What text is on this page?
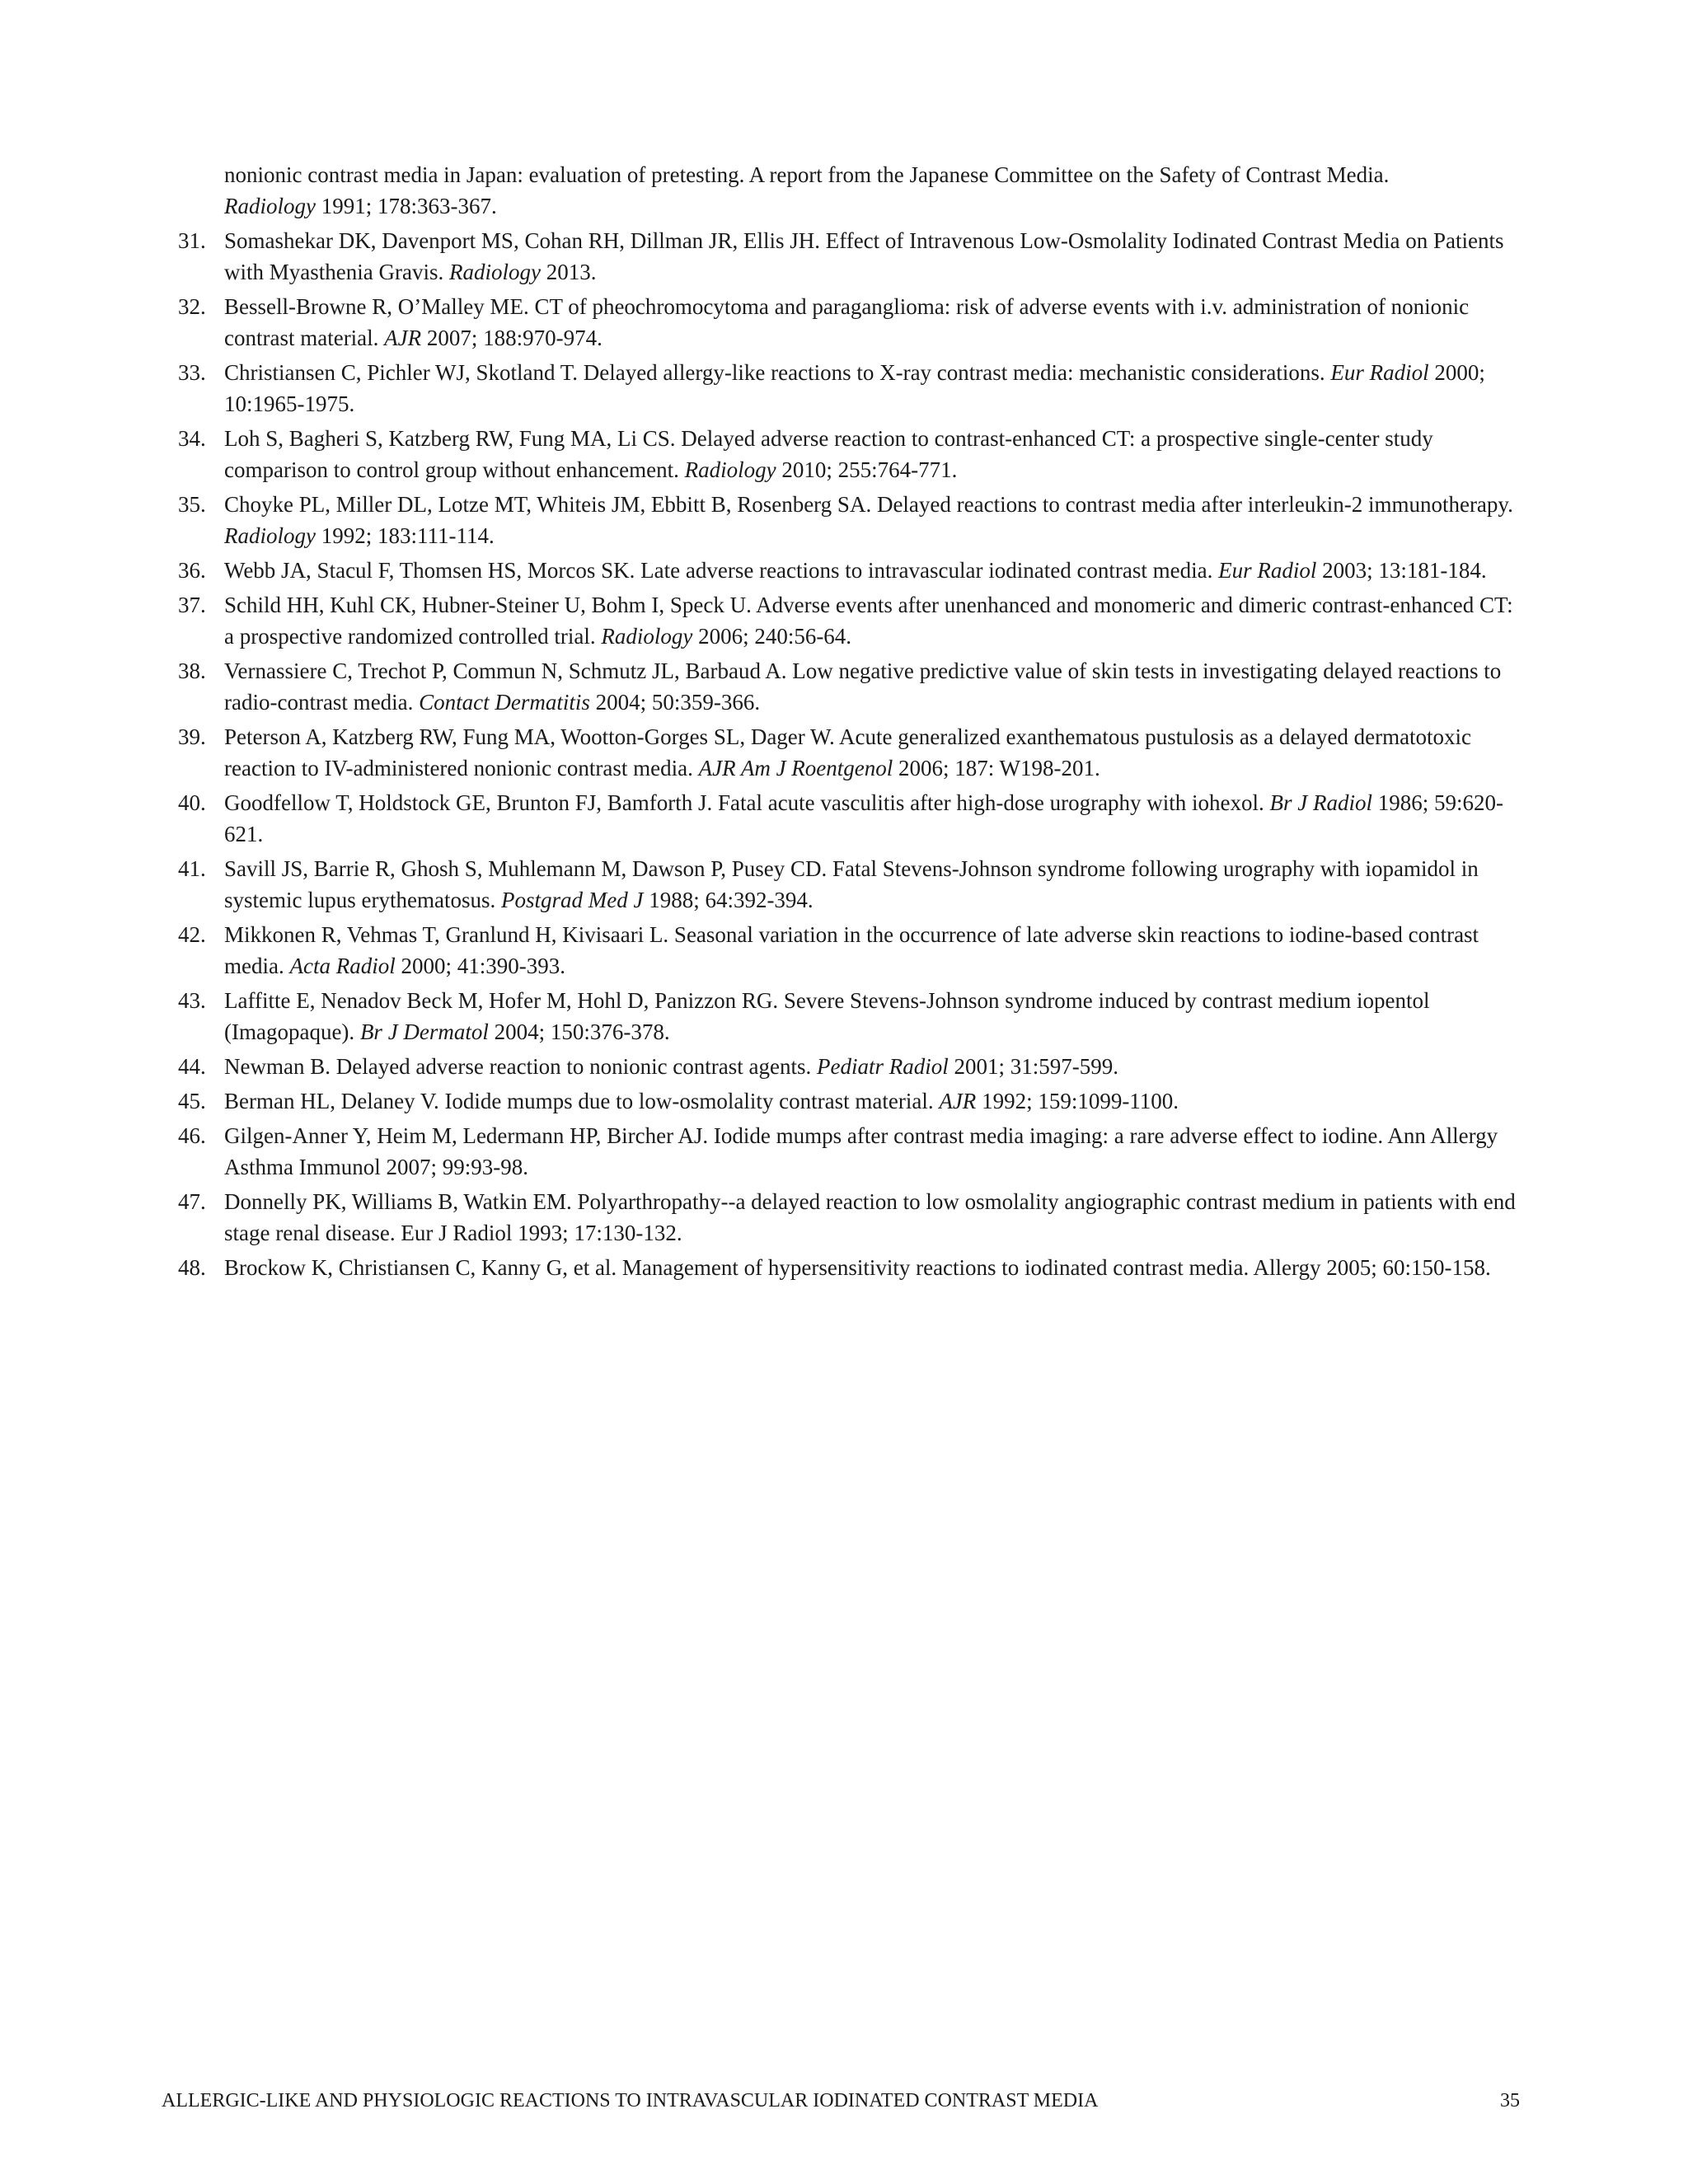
nonionic contrast media in Japan: evaluation of pretesting. A report from the Japanese Committee on the Safety of Contrast Media.
Radiology 1991; 178:363-367.
31. Somashekar DK, Davenport MS, Cohan RH, Dillman JR, Ellis JH. Effect of Intravenous Low-Osmolality Iodinated Contrast Media on Patients with Myasthenia Gravis. Radiology 2013.
32. Bessell-Browne R, O’Malley ME. CT of pheochromocytoma and paraganglioma: risk of adverse events with i.v. administration of nonionic contrast material. AJR 2007; 188:970-974.
33. Christiansen C, Pichler WJ, Skotland T. Delayed allergy-like reactions to X-ray contrast media: mechanistic considerations. Eur Radiol 2000; 10:1965-1975.
34. Loh S, Bagheri S, Katzberg RW, Fung MA, Li CS. Delayed adverse reaction to contrast-enhanced CT: a prospective single-center study comparison to control group without enhancement. Radiology 2010; 255:764-771.
35. Choyke PL, Miller DL, Lotze MT, Whiteis JM, Ebbitt B, Rosenberg SA. Delayed reactions to contrast media after interleukin-2 immunotherapy. Radiology 1992; 183:111-114.
36. Webb JA, Stacul F, Thomsen HS, Morcos SK. Late adverse reactions to intravascular iodinated contrast media. Eur Radiol 2003; 13:181-184.
37. Schild HH, Kuhl CK, Hubner-Steiner U, Bohm I, Speck U. Adverse events after unenhanced and monomeric and dimeric contrast-enhanced CT: a prospective randomized controlled trial. Radiology 2006; 240:56-64.
38. Vernassiere C, Trechot P, Commun N, Schmutz JL, Barbaud A. Low negative predictive value of skin tests in investigating delayed reactions to radio-contrast media. Contact Dermatitis 2004; 50:359-366.
39. Peterson A, Katzberg RW, Fung MA, Wootton-Gorges SL, Dager W. Acute generalized exanthematous pustulosis as a delayed dermatotoxic reaction to IV-administered nonionic contrast media. AJR Am J Roentgenol 2006; 187: W198-201.
40. Goodfellow T, Holdstock GE, Brunton FJ, Bamforth J. Fatal acute vasculitis after high-dose urography with iohexol. Br J Radiol 1986; 59:620-621.
41. Savill JS, Barrie R, Ghosh S, Muhlemann M, Dawson P, Pusey CD. Fatal Stevens-Johnson syndrome following urography with iopamidol in systemic lupus erythematosus. Postgrad Med J 1988; 64:392-394.
42. Mikkonen R, Vehmas T, Granlund H, Kivisaari L. Seasonal variation in the occurrence of late adverse skin reactions to iodine-based contrast media. Acta Radiol 2000; 41:390-393.
43. Laffitte E, Nenadov Beck M, Hofer M, Hohl D, Panizzon RG. Severe Stevens-Johnson syndrome induced by contrast medium iopentol (Imagopaque). Br J Dermatol 2004; 150:376-378.
44. Newman B. Delayed adverse reaction to nonionic contrast agents. Pediatr Radiol 2001; 31:597-599.
45. Berman HL, Delaney V. Iodide mumps due to low-osmolality contrast material. AJR 1992; 159:1099-1100.
46. Gilgen-Anner Y, Heim M, Ledermann HP, Bircher AJ. Iodide mumps after contrast media imaging: a rare adverse effect to iodine. Ann Allergy Asthma Immunol 2007; 99:93-98.
47. Donnelly PK, Williams B, Watkin EM. Polyarthropathy--a delayed reaction to low osmolality angiographic contrast medium in patients with end stage renal disease. Eur J Radiol 1993; 17:130-132.
48. Brockow K, Christiansen C, Kanny G, et al. Management of hypersensitivity reactions to iodinated contrast media. Allergy 2005; 60:150-158.
ALLERGIC-LIKE AND PHYSIOLOGIC REACTIONS TO INTRAVASCULAR IODINATED CONTRAST MEDIA	35
